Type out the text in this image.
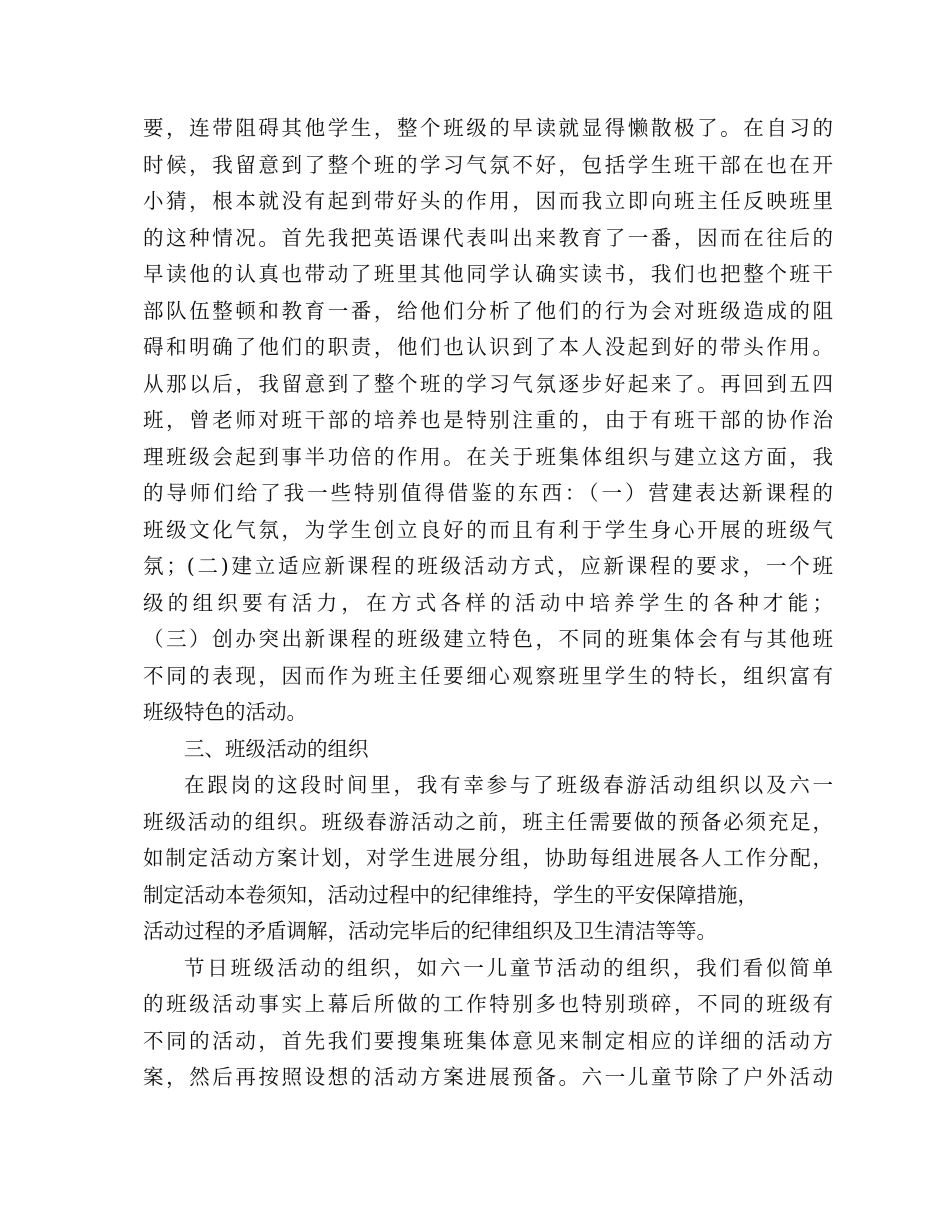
要，连带阻碍其他学生，整个班级的早读就显得懒散极了。在自习的
时候，我留意到了整个班的学习气氛不好，包括学生班干部在也在开
小猜，根本就没有起到带好头的作用，因而我立即向班主任反映班里
的这种情况。首先我把英语课代表叫出来教育了一番，因而在往后的
早读他的认真也带动了班里其他同学认确实读书，我们也把整个班干
部队伍整顿和教育一番，给他们分析了他们的行为会对班级造成的阻
碍和明确了他们的职责，他们也认识到了本人没起到好的带头作用。
从那以后，我留意到了整个班的学习气氛逐步好起来了。再回到五四
班，曾老师对班干部的培养也是特别注重的，由于有班干部的协作治
理班级会起到事半功倍的作用。在关于班集体组织与建立这方面，我
的导师们给了我一些特别值得借鉴的东西：（一）营建表达新课程的
班级文化气氛，为学生创立良好的而且有利于学生身心开展的班级气
氛；(二)建立适应新课程的班级活动方式，应新课程的要求，一个班
级的组织要有活力，在方式各样的活动中培养学生的各种才能；
（三）创办突出新课程的班级建立特色，不同的班集体会有与其他班
不同的表现，因而作为班主任要细心观察班里学生的特长，组织富有
班级特色的活动。
三、班级活动的组织
在跟岗的这段时间里，我有幸参与了班级春游活动组织以及六一
班级活动的组织。班级春游活动之前，班主任需要做的预备必须充足，
如制定活动方案计划，对学生进展分组，协助每组进展各人工作分配，
制定活动本卷须知，活动过程中的纪律维持，学生的平安保障措施，
活动过程的矛盾调解，活动完毕后的纪律组织及卫生清洁等等。
节日班级活动的组织，如六一儿童节活动的组织，我们看似简单
的班级活动事实上幕后所做的工作特别多也特别琐碎，不同的班级有
不同的活动，首先我们要搜集班集体意见来制定相应的详细的活动方
案，然后再按照设想的活动方案进展预备。六一儿童节除了户外活动
